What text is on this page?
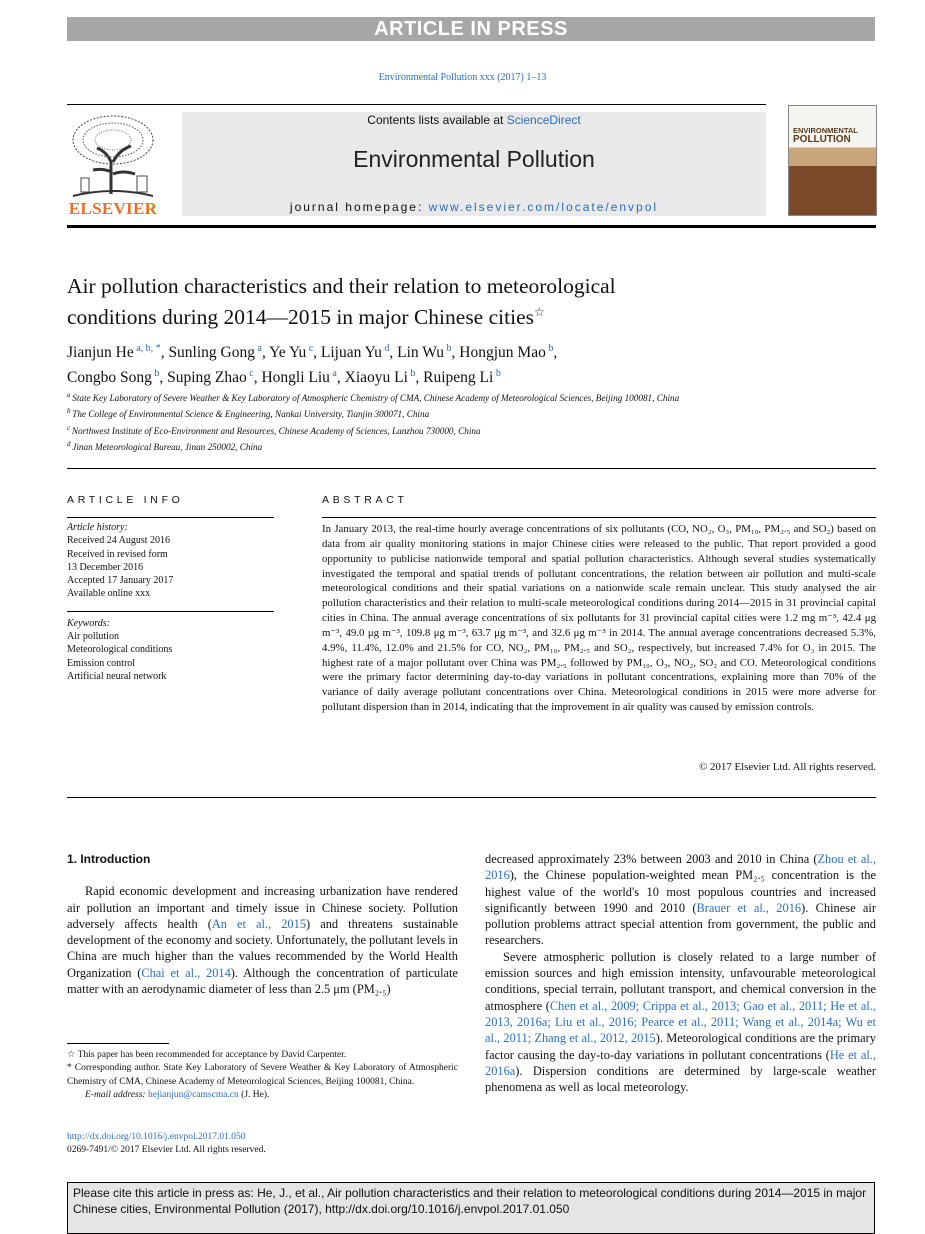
ARTICLE IN PRESS
Environmental Pollution xxx (2017) 1–13
ELSEVIER
Contents lists available at ScienceDirect
Environmental Pollution
journal homepage: www.elsevier.com/locate/envpol
ENVIRONMENTAL
POLLUTION
Air pollution characteristics and their relation to meteorological
conditions during 2014—2015 in major Chinese cities☆
Jianjun He $^{a, b, *}$, Sunling Gong $^a$, Ye Yu $^c$, Lijuan Yu $^d$, Lin Wu $^b$, Hongjun Mao $^b$,
Congbo Song $^b$, Suping Zhao $^c$, Hongli Liu $^a$, Xiaoyu Li $^b$, Ruipeng Li $^b$
$^a$ State Key Laboratory of Severe Weather & Key Laboratory of Atmospheric Chemistry of CMA, Chinese Academy of Meteorological Sciences, Beijing 100081, China
$^b$ The College of Environmental Science & Engineering, Nankai University, Tianjin 300071, China
$^c$ Northwest Institute of Eco-Environment and Resources, Chinese Academy of Sciences, Lanzhou 730000, China
$^d$ Jinan Meteorological Bureau, Jinan 250002, China
ARTICLE INFO	ABSTRACT
Article history:
Received 24 August 2016
Received in revised form
13 December 2016
Accepted 17 January 2017
Available online xxx
Keywords:
Air pollution
Meteorological conditions
Emission control
Artificial neural network
In January 2013, the real-time hourly average concentrations of six pollutants (CO, NO₂, O₃, PM₁₀, PM₂.₅ and SO₂) based on data from air quality monitoring stations in major Chinese cities were released to the public. That report provided a good opportunity to publicise nationwide temporal and spatial pollution characteristics. Although several studies systematically investigated the temporal and spatial trends of pollutant concentrations, the relation between air pollution and multi-scale meteorological conditions and their spatial variations on a nationwide scale remain unclear. This study analysed the air pollution characteristics and their relation to multi-scale meteorological conditions during 2014—2015 in 31 provincial capital cities in China. The annual average concentrations of six pollutants for 31 provincial capital cities were 1.2 mg m⁻³, 42.4 μg m⁻³, 49.0 μg m⁻³, 109.8 μg m⁻³, 63.7 μg m⁻³, and 32.6 μg m⁻³ in 2014. The annual average concentrations decreased 5.3%, 4.9%, 11.4%, 12.0% and 21.5% for CO, NO₂, PM₁₀, PM₂.₅ and SO₂, respectively, but increased 7.4% for O₃ in 2015. The highest rate of a major pollutant over China was PM₂.₅ followed by PM₁₀, O₃, NO₂, SO₂ and CO. Meteorological conditions were the primary factor determining day-to-day variations in pollutant concentrations, explaining more than 70% of the variance of daily average pollutant concentrations over China. Meteorological conditions in 2015 were more adverse for pollutant dispersion than in 2014, indicating that the improvement in air quality was caused by emission controls.
© 2017 Elsevier Ltd. All rights reserved.
1. Introduction

Rapid economic development and increasing urbanization have rendered air pollution an important and timely issue in Chinese society. Pollution adversely affects health (An et al., 2015) and threatens sustainable development of the economy and society. Unfortunately, the pollutant levels in China are much higher than the values recommended by the World Health Organization (Chai et al., 2014). Although the concentration of particulate matter with an aerodynamic diameter of less than 2.5 μm (PM₂.₅)

decreased approximately 23% between 2003 and 2010 in China (Zhou et al., 2016), the Chinese population-weighted mean PM₂.₅ concentration is the highest value of the world's 10 most populous countries and increased significantly between 1990 and 2010 (Brauer et al., 2016). Chinese air pollution problems attract special attention from government, the public and researchers.

Severe atmospheric pollution is closely related to a large number of emission sources and high emission intensity, unfavourable meteorological conditions, special terrain, pollutant transport, and chemical conversion in the atmosphere (Chen et al., 2009; Crippa et al., 2013; Gao et al., 2011; He et al., 2013, 2016a; Liu et al., 2016; Pearce et al., 2011; Wang et al., 2014a; Wu et al., 2011; Zhang et al., 2012, 2015). Meteorological conditions are the primary factor causing the day-to-day variations in pollutant concentrations (He et al., 2016a). Dispersion conditions are determined by large-scale weather phenomena as well as local meteorology.

☆ This paper has been recommended for acceptance by David Carpenter.
* Corresponding author. State Key Laboratory of Severe Weather & Key Laboratory of Atmospheric Chemistry of CMA, Chinese Academy of Meteorological Sciences, Beijing 100081, China.
E-mail address: hejianjun@camscma.cn (J. He).
http://dx.doi.org/10.1016/j.envpol.2017.01.050
0269-7491/© 2017 Elsevier Ltd. All rights reserved.
Please cite this article in press as: He, J., et al., Air pollution characteristics and their relation to meteorological conditions during 2014—2015 in major Chinese cities, Environmental Pollution (2017), http://dx.doi.org/10.1016/j.envpol.2017.01.050
